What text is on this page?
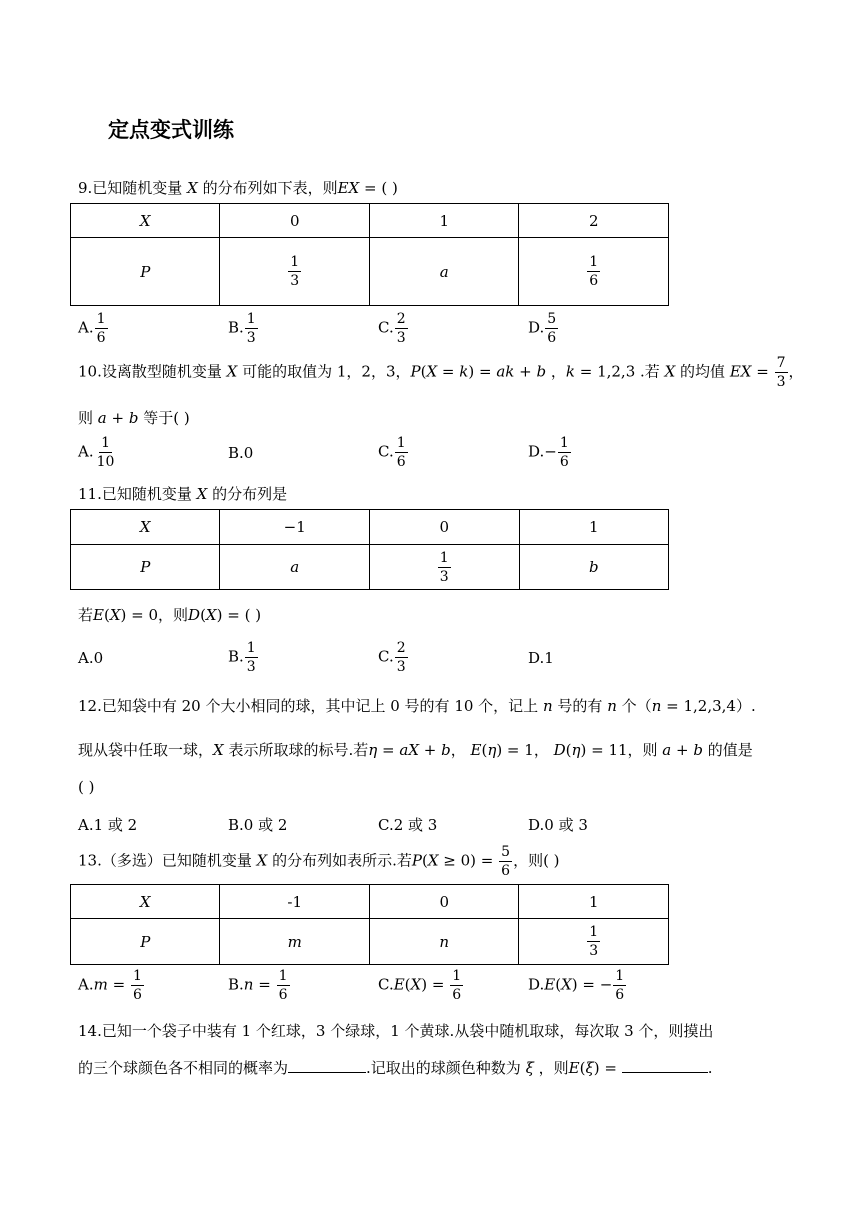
定点变式训练
9.已知随机变量 X 的分布列如下表，则EX = ( )
X	0	1	2
P	$\frac{1}{3}$	a	$\frac{1}{6}$
A. $\frac{1}{6}$	B. $\frac{1}{3}$	C. $\frac{2}{3}$	D. $\frac{5}{6}$
10.设离散型随机变量 X 可能的取值为 1，2，3，P(X = k) = ak + b ，k = 1,2,3 .若 X 的均值 EX = $\frac{7}{3}$ ，
则 a + b 等于( )
A. $\frac{1}{10}$	B.0	C. $\frac{1}{6}$	$D.- \frac{1}{6}$
11.已知随机变量 X 的分布列是
X	−1	0	1
P	a	$\frac{1}{3}$	b
若E(X) = 0，则D(X) = ( )
A.0	B. $\frac{1}{3}$	C. $\frac{2}{3}$	D.1
12.已知袋中有 20 个大小相同的球，其中记上 0 号的有 10 个，记上 n 号的有 n 个（n = 1,2,3,4）.
现从袋中任取一球，X 表示所取球的标号.若η = aX + b， E(η) = 1， D(η) = 11，则 a + b 的值是
( )
A.1 或 2	B.0 或 2	C.2 或 3	D.0 或 3
13.（多选）已知随机变量 X 的分布列如表所示.若$P(X \ge 0) = \frac{5}{6}$ ，则( )
X	-1	0	1
P	m	n	$\frac{1}{3}$
$A.m = \frac{1}{6}$	$B.n = \frac{1}{6}$	$C.E(X) = \frac{1}{6}$	D.E(X) = − $\frac{1}{6}$
14.已知一个袋子中装有 1 个红球，3 个绿球，1 个黄球.从袋中随机取球，每次取 3 个，则摸出
的三个球颜色各不相同的概率为	.记取出的球颜色种数为 ξ ，则E(ξ) =	.
